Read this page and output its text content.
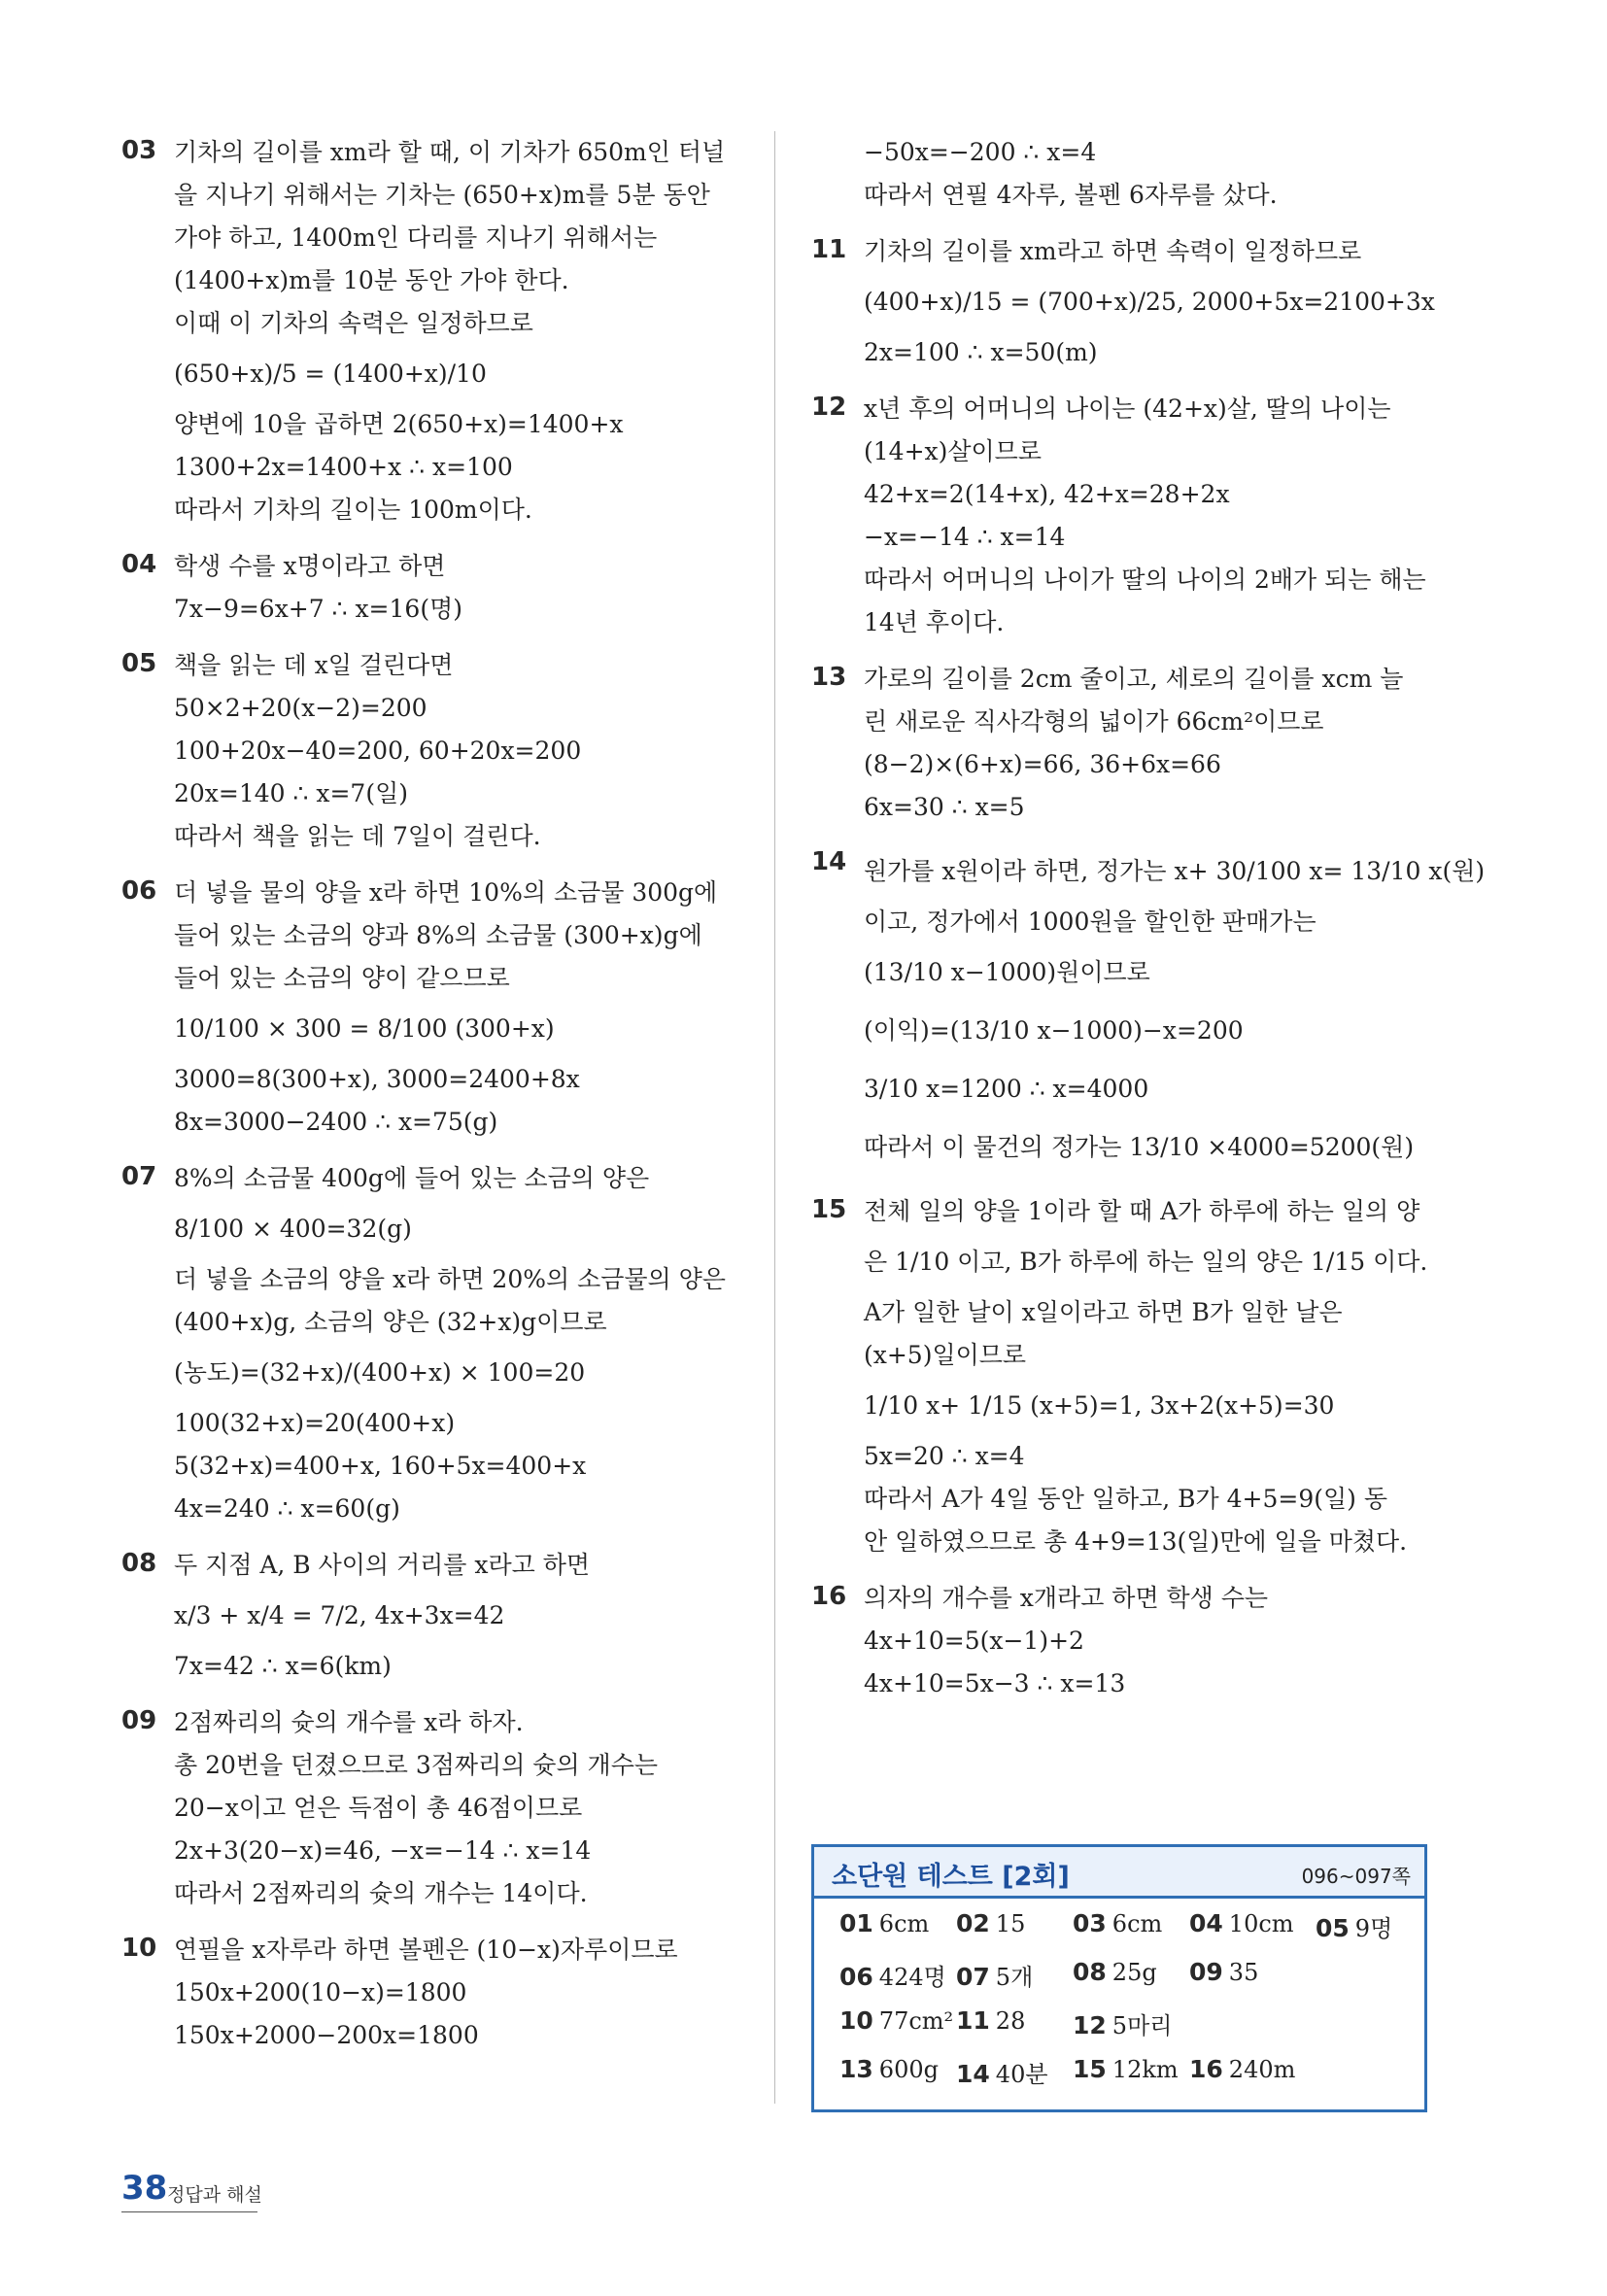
03 기차의 길이를 xm라 할 때, 이 기차가 650m인 터널
을 지나기 위해서는 기차는 (650+x)m를 5분 동안
가야 하고, 1400m인 다리를 지나기 위해서는
(1400+x)m를 10분 동안 가야 한다.
이때 이 기차의 속력은 일정하므로
(650+x)/5 = (1400+x)/10
양변에 10을 곱하면 2(650+x)=1400+x
1300+2x=1400+x ∴ x=100
따라서 기차의 길이는 100m이다.
04 학생 수를 x명이라고 하면
7x−9=6x+7 ∴ x=16(명)
05 책을 읽는 데 x일 걸린다면
50×2+20(x−2)=200
100+20x−40=200, 60+20x=200
20x=140 ∴ x=7(일)
따라서 책을 읽는 데 7일이 걸린다.
06 더 넣을 물의 양을 x라 하면 10%의 소금물 300g에
들어 있는 소금의 양과 8%의 소금물 (300+x)g에
들어 있는 소금의 양이 같으므로
10/100 × 300 = 8/100 (300+x)
3000=8(300+x), 3000=2400+8x
8x=3000−2400 ∴ x=75(g)
07 8%의 소금물 400g에 들어 있는 소금의 양은
8/100 × 400=32(g)
더 넣을 소금의 양을 x라 하면 20%의 소금물의 양은
(400+x)g, 소금의 양은 (32+x)g이므로
(농도)=(32+x)/(400+x) × 100=20
100(32+x)=20(400+x)
5(32+x)=400+x, 160+5x=400+x
4x=240 ∴ x=60(g)
08 두 지점 A, B 사이의 거리를 x라고 하면
x/3 + x/4 = 7/2, 4x+3x=42
7x=42 ∴ x=6(km)
09 2점짜리의 슛의 개수를 x라 하자.
총 20번을 던졌으므로 3점짜리의 슛의 개수는
20−x이고 얻은 득점이 총 46점이므로
2x+3(20−x)=46, −x=−14 ∴ x=14
따라서 2점짜리의 슛의 개수는 14이다.
10 연필을 x자루라 하면 볼펜은 (10−x)자루이므로
150x+200(10−x)=1800
150x+2000−200x=1800
−50x=−200 ∴ x=4
따라서 연필 4자루, 볼펜 6자루를 샀다.
11 기차의 길이를 xm라고 하면 속력이 일정하므로
(400+x)/15 = (700+x)/25, 2000+5x=2100+3x
2x=100 ∴ x=50(m)
12 x년 후의 어머니의 나이는 (42+x)살, 딸의 나이는
(14+x)살이므로
42+x=2(14+x), 42+x=28+2x
−x=−14 ∴ x=14
따라서 어머니의 나이가 딸의 나이의 2배가 되는 해는
14년 후이다.
13 가로의 길이를 2cm 줄이고, 세로의 길이를 xcm 늘
린 새로운 직사각형의 넓이가 66cm²이므로
(8−2)×(6+x)=66, 36+6x=66
6x=30 ∴ x=5
14 원가를 x원이라 하면, 정가는 x+ 30/100 x= 13/10 x(원)
이고, 정가에서 1000원을 할인한 판매가는
(13/10 x−1000)원이므로
(이익)=(13/10 x−1000)−x=200
3/10 x=1200 ∴ x=4000
따라서 이 물건의 정가는 13/10 ×4000=5200(원)
15 전체 일의 양을 1이라 할 때 A가 하루에 하는 일의 양
은 1/10 이고, B가 하루에 하는 일의 양은 1/15 이다.
A가 일한 날이 x일이라고 하면 B가 일한 날은
(x+5)일이므로
1/10 x+ 1/15 (x+5)=1, 3x+2(x+5)=30
5x=20 ∴ x=4
따라서 A가 4일 동안 일하고, B가 4+5=9(일) 동
안 일하였으므로 총 4+9=13(일)만에 일을 마쳤다.
16 의자의 개수를 x개라고 하면 학생 수는
4x+10=5(x−1)+2
4x+10=5x−3 ∴ x=13
소단원 테스트 [2회]	096~097쪽
01 6cm 02 15 03 6cm 04 10cm 05 9명
06 424명 07 5개 08 25g 09 35
10 77cm² 11 28 12 5마리
13 600g 14 40분 15 12km 16 240m
38 정답과 해설
